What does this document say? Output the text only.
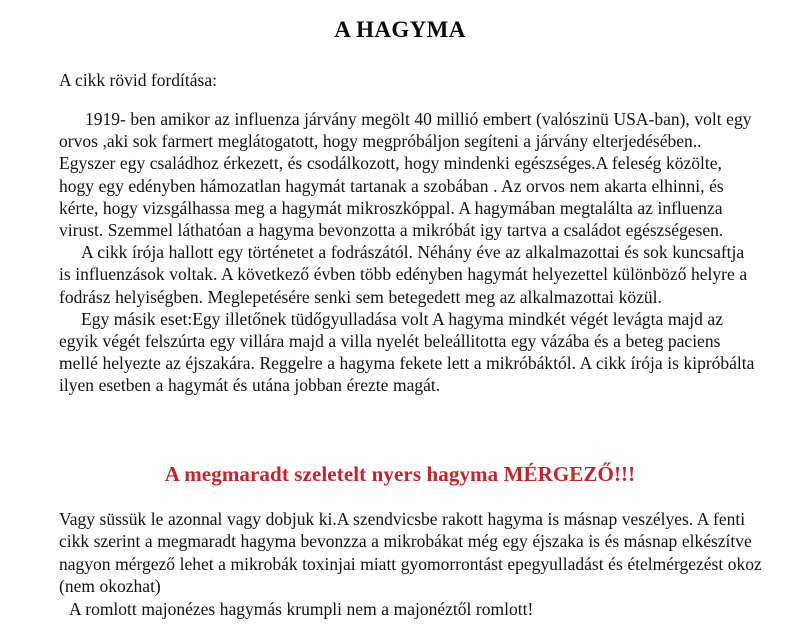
A HAGYMA
A cikk rövid fordítása:

1919- ben amikor az influenza járvány megölt 40 millió embert (valószinü USA-ban), volt egy orvos ,aki sok farmert meglátogatott, hogy megpróbáljon segíteni a járvány elterjedésében.. Egyszer egy családhoz érkezett, és csodálkozott, hogy mindenki egészséges.A feleség közölte, hogy egy edényben hámozatlan hagymát tartanak a szobában . Az orvos nem akarta elhinni, és kérte, hogy vizsgálhassa meg a hagymát mikroszkóppal. A hagymában megtalálta az influenza virust. Szemmel láthatóan a hagyma bevonzotta a mikróbát igy tartva a családot egészségesen.

A cikk írója hallott egy történetet a fodrászától. Néhány éve az alkalmazottai és sok kuncsaftja is influenzások voltak. A következő évben több edényben hagymát helyezettel különböző helyre a fodrász helyiségben. Meglepetésére senki sem betegedett meg az alkalmazottai közül.

Egy másik eset:Egy illetőnek tüdőgyulladása volt A hagyma mindkét végét levágta majd az egyik végét felszúrta egy villára majd a villa nyelét beleállitotta egy vázába és a beteg paciens mellé helyezte az éjszakára. Reggelre a hagyma fekete lett a mikróbáktól. A cikk írója is kipróbálta ilyen esetben a hagymát és utána jobban érezte magát.

A megmaradt szeletelt nyers hagyma MÉRGEZŐ!!!

Vagy süssük le azonnal vagy dobjuk ki.A szendvicsbe rakott hagyma is másnap veszélyes. A fenti cikk szerint a megmaradt hagyma bevonzza a mikrobákat még egy éjszaka is és másnap elkészítve nagyon mérgező lehet a mikrobák toxinjai miatt gyomorrontást epegyulladást és ételmérgezést okoz (nem okozhat)

A romlott majonézes hagymás krumpli nem a majonéztől romlott!
